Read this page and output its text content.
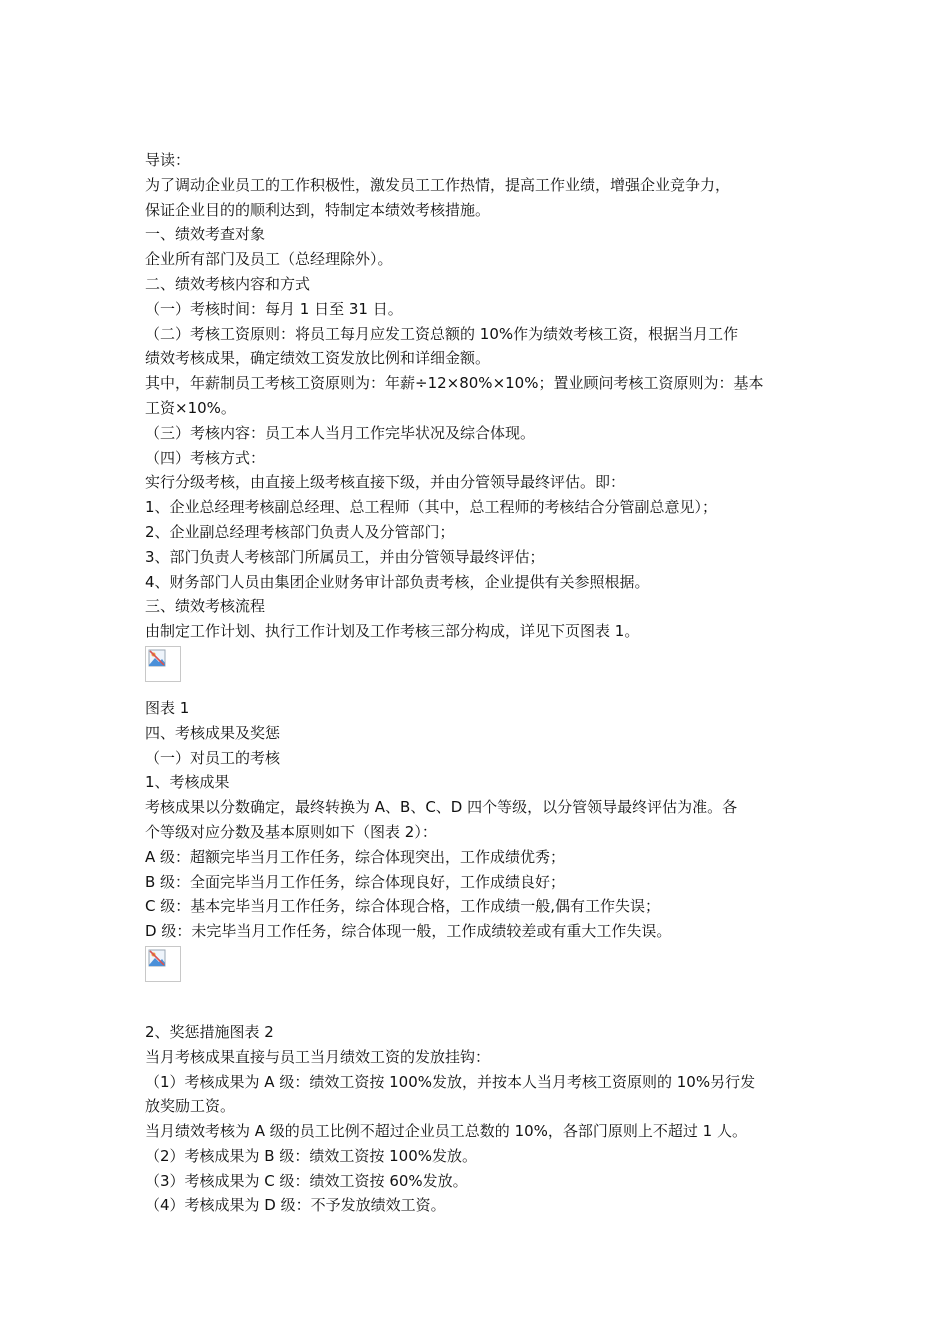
导读：
为了调动企业员工的工作积极性，激发员工工作热情，提高工作业绩，增强企业竞争力，
保证企业目的的顺利达到，特制定本绩效考核措施。
一、绩效考查对象
企业所有部门及员工（总经理除外）。
二、绩效考核内容和方式
（一）考核时间：每月 1 日至 31 日。
（二）考核工资原则：将员工每月应发工资总额的 10%作为绩效考核工资，根据当月工作
绩效考核成果，确定绩效工资发放比例和详细金额。
其中，年薪制员工考核工资原则为：年薪÷12×80%×10%；置业顾问考核工资原则为：基本
工资×10%。
（三）考核内容：员工本人当月工作完毕状况及综合体现。
（四）考核方式：
实行分级考核，由直接上级考核直接下级，并由分管领导最终评估。即：
1、企业总经理考核副总经理、总工程师（其中，总工程师的考核结合分管副总意见）；
2、企业副总经理考核部门负责人及分管部门；
3、部门负责人考核部门所属员工，并由分管领导最终评估；
4、财务部门人员由集团企业财务审计部负责考核，企业提供有关参照根据。
三、绩效考核流程
由制定工作计划、执行工作计划及工作考核三部分构成，详见下页图表 1。
图表 1
四、考核成果及奖惩
（一）对员工的考核
1、考核成果
考核成果以分数确定，最终转换为 A、B、C、D 四个等级，以分管领导最终评估为准。各
个等级对应分数及基本原则如下（图表 2）：
A 级：超额完毕当月工作任务，综合体现突出，工作成绩优秀；
B 级：全面完毕当月工作任务，综合体现良好，工作成绩良好；
C 级：基本完毕当月工作任务，综合体现合格，工作成绩一般,偶有工作失误；
D 级：未完毕当月工作任务，综合体现一般，工作成绩较差或有重大工作失误。
2、奖惩措施图表 2
当月考核成果直接与员工当月绩效工资的发放挂钩：
（1）考核成果为 A 级：绩效工资按 100%发放，并按本人当月考核工资原则的 10%另行发
放奖励工资。
当月绩效考核为 A 级的员工比例不超过企业员工总数的 10%，各部门原则上不超过 1 人。
（2）考核成果为 B 级：绩效工资按 100%发放。
（3）考核成果为 C 级：绩效工资按 60%发放。
（4）考核成果为 D 级：不予发放绩效工资。
